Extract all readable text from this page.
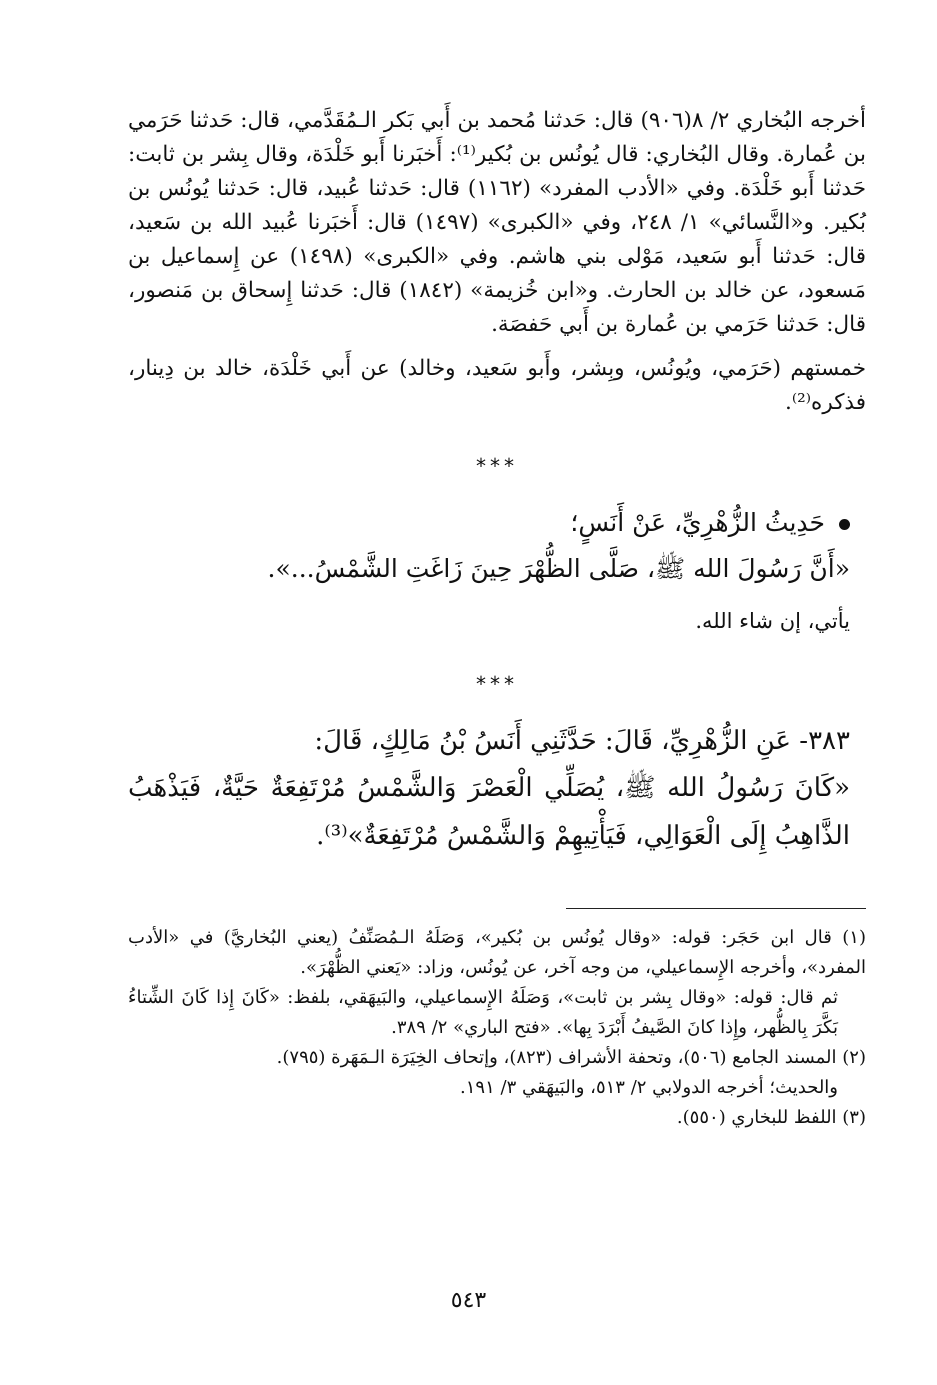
أخرجه البُخاري ٢/ ٨(٩٠٦) قال: حَدثنا مُحمد بن أَبي بَكر الـمُقَدَّمي، قال: حَدثنا حَرَمي بن عُمارة. وقال البُخاري: قال يُونُس بن بُكير⁽¹⁾: أَخبَرنا أَبو خَلْدَة، وقال بِشر بن ثابت: حَدثنا أَبو خَلْدَة. وفي «الأدب المفرد» (١١٦٢) قال: حَدثنا عُبيد، قال: حَدثنا يُونُس بن بُكير. و«النَّسائي» ١/ ٢٤٨، وفي «الكبرى» (١٤٩٧) قال: أَخبَرنا عُبيد الله بن سَعيد، قال: حَدثنا أَبو سَعيد، مَوْلى بني هاشم. وفي «الكبرى» (١٤٩٨) عن إِسماعيل بن مَسعود، عن خالد بن الحارث. و«ابن خُزيمة» (١٨٤٢) قال: حَدثنا إِسحاق بن مَنصور، قال: حَدثنا حَرَمي بن عُمارة بن أَبي حَفصَة.

خمستهم (حَرَمي، ويُونُس، وبِشر، وأَبو سَعيد، وخالد) عن أَبي خَلْدَة، خالد بن دِينار، فذكره⁽²⁾.

***

حَدِيثُ الزُّهْرِيِّ، عَنْ أَنَسٍ؛

«أَنَّ رَسُولَ الله ﷺ، صَلَّى الظُّهْرَ حِينَ زَاغَتِ الشَّمْسُ...».

يأتي، إن شاء الله.

***

٣٨٣- عَنِ الزُّهْرِيِّ، قَالَ: حَدَّثَنِي أَنَسُ بْنُ مَالِكٍ، قَالَ:

«كَانَ رَسُولُ الله ﷺ، يُصَلِّي الْعَصْرَ وَالشَّمْسُ مُرْتَفِعَةٌ حَيَّةٌ، فَيَذْهَبُ الذَّاهِبُ إِلَى الْعَوَالِي، فَيَأْتِيهِمْ وَالشَّمْسُ مُرْتَفِعَةٌ»⁽³⁾.

(١) قال ابن حَجَر: قوله: «وقال يُونُس بن بُكير»، وَصَلَهُ الـمُصَنِّفُ (يعني البُخاريَّ) في «الأدب المفرد»، وأخرجه الإِسماعيلي، من وجه آخر، عن يُونُس، وزاد: «يَعني الظُّهْرَ».

ثم قال: قوله: «وقال بِشر بن ثابت»، وَصَلَهُ الإِسماعيلي، والبَيهَقي، بلفظ: «كَانَ إِذا كَانَ الشِّتاءُ بَكَّرَ بِالظُّهر، وإِذا كانَ الصَّيفُ أَبْرَدَ بِها». «فتح الباري» ٢/ ٣٨٩.

(٢) المسند الجامع (٥٠٦)، وتحفة الأشراف (٨٢٣)، وإتحاف الخِيَرَة الـمَهَرة (٧٩٥).

والحديث؛ أخرجه الدولابي ٢/ ٥١٣، والبَيهَقي ٣/ ١٩١.

(٣) اللفظ للبخاري (٥٥٠).

٥٤٣
